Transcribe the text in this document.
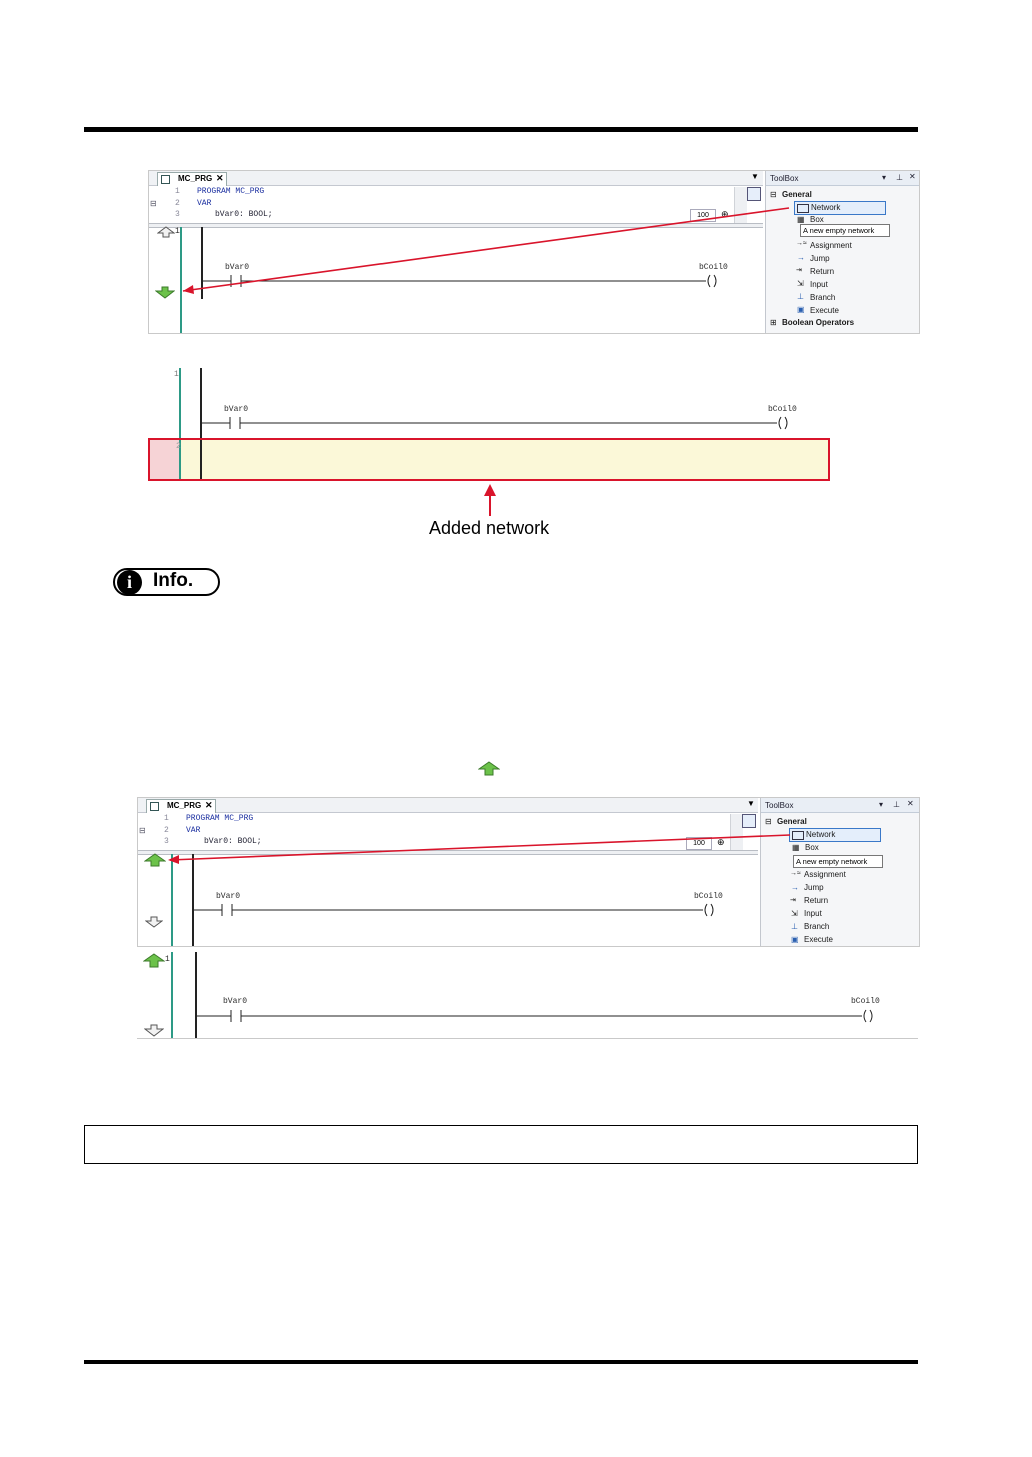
MC_PRG ✕	▼
⊟
1 PROGRAM MC_PRG
2 VAR
3	bVar0: BOOL;	100	⊕
1
bVar0	bCoil0
ToolBox	▾ ⊥ ✕
⊟ General
Network
▦ Box
A new empty network
→≈ Assignment
→ Jump
⇥ Return
⇲ Input
⊥ Branch
▣ Execute
⊞ Boolean Operators
1
bVar0	bCoil0
2
Added network
i	Info.
MC_PRG ✕	▼
⊟
1 PROGRAM MC_PRG
2 VAR
3	bVar0: BOOL;	100	⊕
bVar0	bCoil0
ToolBox	▾ ⊥ ✕
⊟ General
Network
▦ Box
A new empty network
→≈ Assignment
→ Jump
⇥ Return
⇲ Input
⊥ Branch
▣ Execute
1
bVar0	bCoil0
